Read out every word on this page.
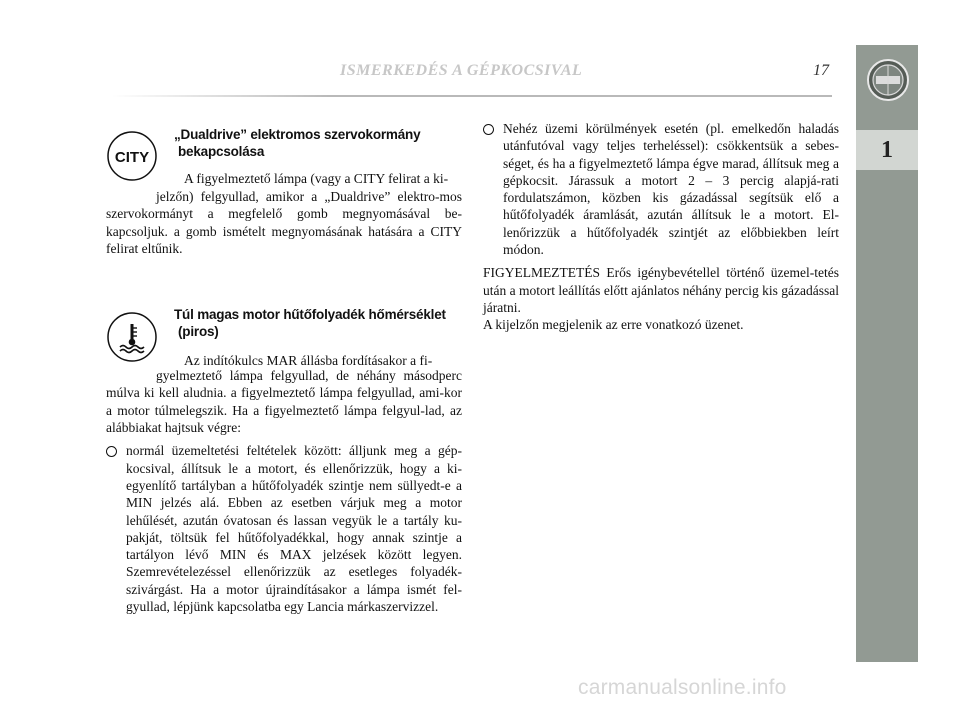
ISMERKEDÉS A GÉPKOCSIVAL	17
1
CITY
„Dualdrive” elektromos szervokormány
bekapcsolása

A figyelmeztető lámpa (vagy a CITY felirat a ki-

jelzőn) felgyullad, amikor a „Dualdrive” elektro-mos szervokormányt a megfelelő gomb megnyomásával be-kapcsoljuk. a gomb ismételt megnyomásának hatására a CITY felirat eltűnik.

Túl magas motor hűtőfolyadék hőmérséklet
(piros)

Az indítókulcs MAR állásba fordításakor a fi-

gyelmeztető lámpa felgyullad, de néhány másodperc múlva ki kell aludnia. a figyelmeztető lámpa felgyullad, ami-kor a motor túlmelegszik. Ha a figyelmeztető lámpa felgyul-lad, az alábbiakat hajtsuk végre:

normál üzemeltetési feltételek között: álljunk meg a gép-kocsival, állítsuk le a motort, és ellenőrizzük, hogy a ki-egyenlítő tartályban a hűtőfolyadék szintje nem süllyedt-e a MIN jelzés alá. Ebben az esetben várjuk meg a motor lehűlését, azután óvatosan és lassan vegyük le a tartály ku-pakját, töltsük fel hűtőfolyadékkal, hogy annak szintje a tartályon lévő MIN és MAX jelzések között legyen. Szemrevételezéssel ellenőrizzük az esetleges folyadék-szivárgást. Ha a motor újraindításakor a lámpa ismét fel-gyullad, lépjünk kapcsolatba egy Lancia márkaszervizzel.
Nehéz üzemi körülmények esetén (pl. emelkedőn haladás utánfutóval vagy teljes terheléssel): csökkentsük a sebes-séget, és ha a figyelmeztető lámpa égve marad, állítsuk meg a gépkocsit. Járassuk a motort 2 – 3 percig alapjá-rati fordulatszámon, közben kis gázadással segítsük elő a hűtőfolyadék áramlását, azután állítsuk le a motort. El-lenőrizzük a hűtőfolyadék szintjét az előbbiekben leírt módon.
FIGYELMEZTETÉS Erős igénybevétellel történő üzemel-tetés után a motort leállítás előtt ajánlatos néhány percig kis gázadással járatni.
A kijelzőn megjelenik az erre vonatkozó üzenet.
carmanualsonline.info
